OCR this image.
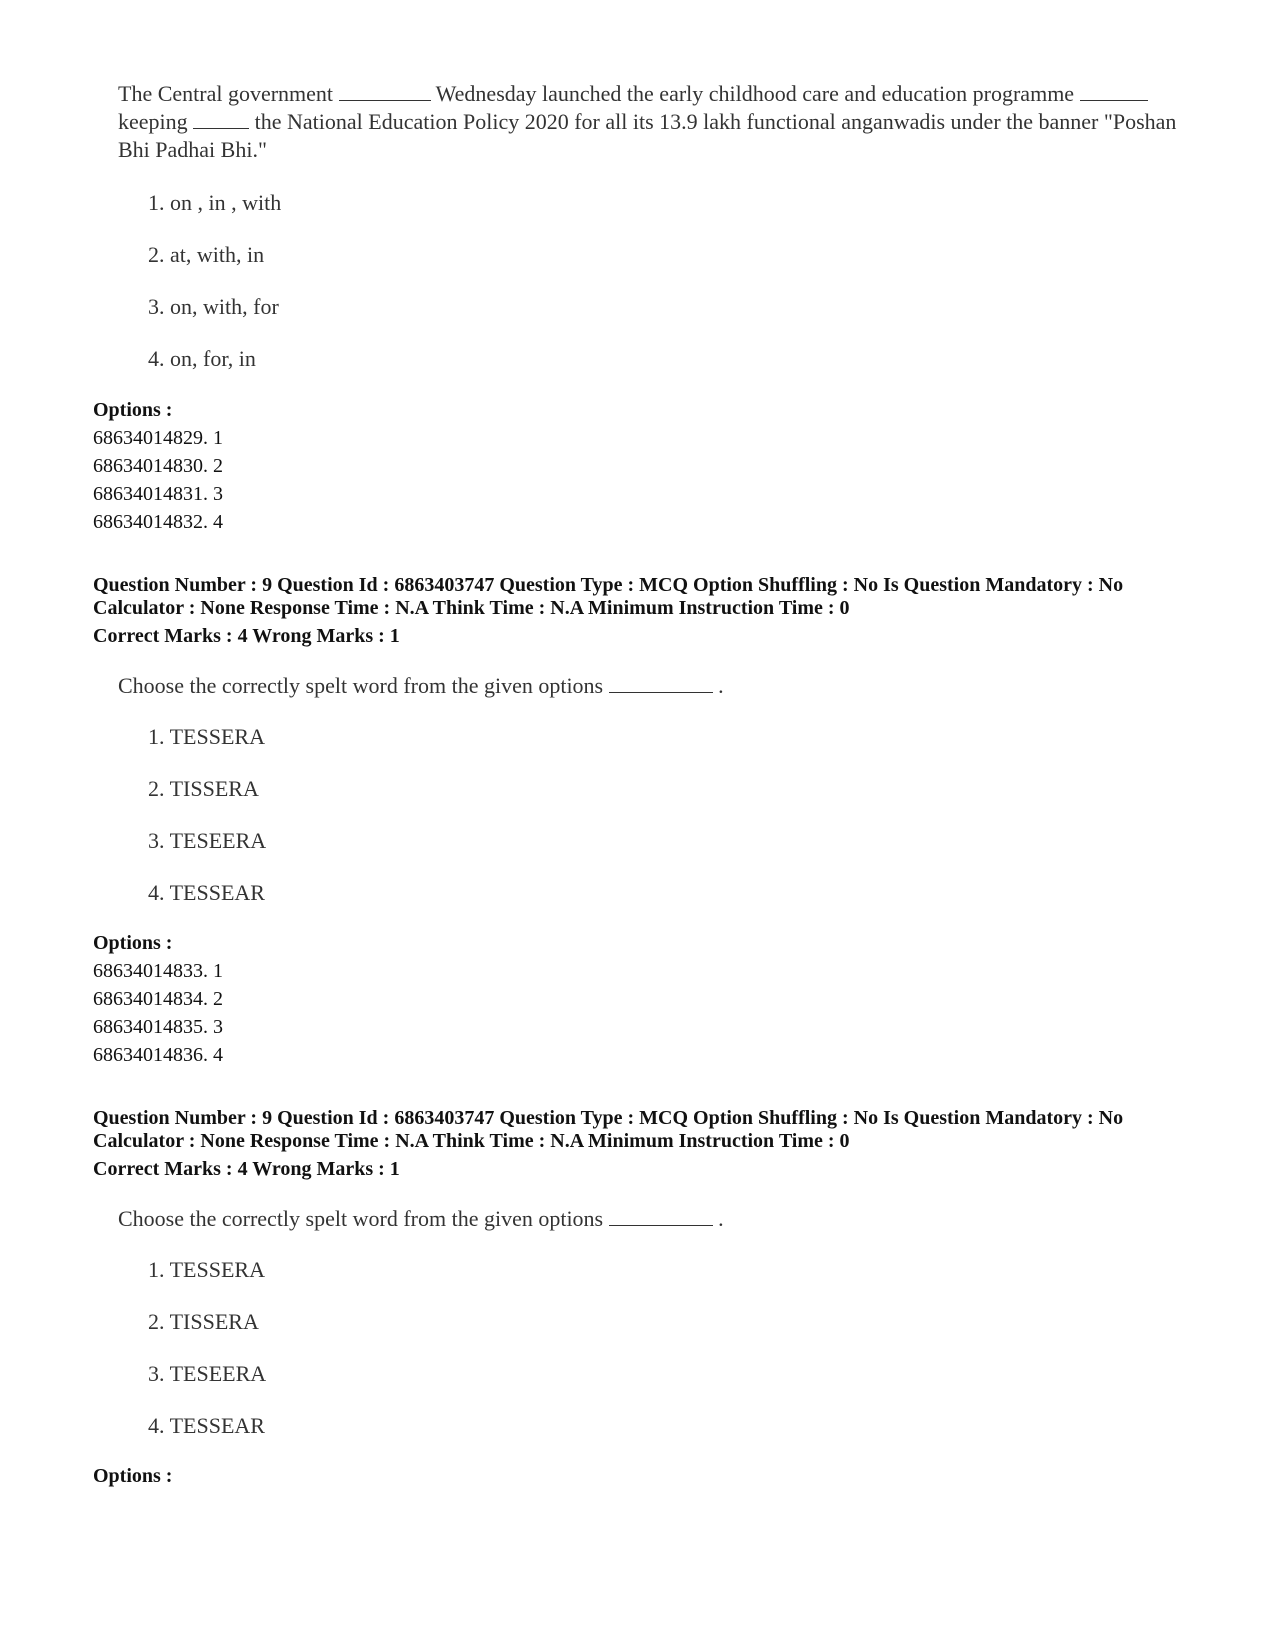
The Central government	Wednesday launched the early childhood care and education programme  keeping	the National Education Policy 2020 for all its 13.9 lakh functional anganwadis under the banner "Poshan Bhi Padhai Bhi."
1. on , in , with
2. at, with, in
3. on, with, for
4. on, for, in
Options :
68634014829. 1
68634014830. 2
68634014831. 3
68634014832. 4
Question Number : 9 Question Id : 6863403747 Question Type : MCQ Option Shuffling : No Is Question Mandatory : No
Calculator : None Response Time : N.A Think Time : N.A Minimum Instruction Time : 0
Correct Marks : 4 Wrong Marks : 1
Choose the correctly spelt word from the given options	.
1. TESSERA
2. TISSERA
3. TESEERA
4. TESSEAR
Options :
68634014833. 1
68634014834. 2
68634014835. 3
68634014836. 4
Question Number : 9 Question Id : 6863403747 Question Type : MCQ Option Shuffling : No Is Question Mandatory : No
Calculator : None Response Time : N.A Think Time : N.A Minimum Instruction Time : 0
Correct Marks : 4 Wrong Marks : 1
Choose the correctly spelt word from the given options	.
1. TESSERA
2. TISSERA
3. TESEERA
4. TESSEAR
Options :
